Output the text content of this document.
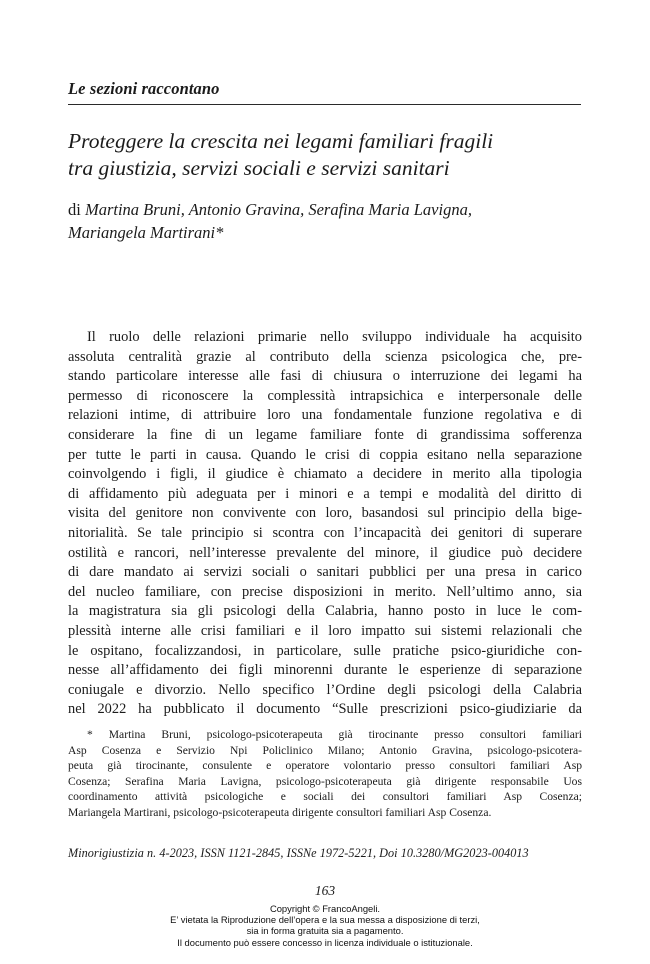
Le sezioni raccontano
Proteggere la crescita nei legami familiari fragili
tra giustizia, servizi sociali e servizi sanitari
di Martina Bruni, Antonio Gravina, Serafina Maria Lavigna,
Mariangela Martirani*
Il ruolo delle relazioni primarie nello sviluppo individuale ha acquisito
assoluta centralità grazie al contributo della scienza psicologica che, pre-
stando particolare interesse alle fasi di chiusura o interruzione dei legami ha
permesso di riconoscere la complessità intrapsichica e interpersonale delle
relazioni intime, di attribuire loro una fondamentale funzione regolativa e di
considerare la fine di un legame familiare fonte di grandissima sofferenza
per tutte le parti in causa. Quando le crisi di coppia esitano nella separazione
coinvolgendo i figli, il giudice è chiamato a decidere in merito alla tipologia
di affidamento più adeguata per i minori e a tempi e modalità del diritto di
visita del genitore non convivente con loro, basandosi sul principio della bige-
nitorialità. Se tale principio si scontra con l’incapacità dei genitori di superare
ostilità e rancori, nell’interesse prevalente del minore, il giudice può decidere
di dare mandato ai servizi sociali o sanitari pubblici per una presa in carico
del nucleo familiare, con precise disposizioni in merito. Nell’ultimo anno, sia
la magistratura sia gli psicologi della Calabria, hanno posto in luce le com-
plessità interne alle crisi familiari e il loro impatto sui sistemi relazionali che
le ospitano, focalizzandosi, in particolare, sulle pratiche psico-giuridiche con-
nesse all’affidamento dei figli minorenni durante le esperienze di separazione
coniugale e divorzio. Nello specifico l’Ordine degli psicologi della Calabria
nel 2022 ha pubblicato il documento “Sulle prescrizioni psico-giudiziarie da
* Martina Bruni, psicologo-psicoterapeuta già tirocinante presso consultori familiari
Asp Cosenza e Servizio Npi Policlinico Milano; Antonio Gravina, psicologo-psicotera-
peuta già tirocinante, consulente e operatore volontario presso consultori familiari Asp
Cosenza; Serafina Maria Lavigna, psicologo-psicoterapeuta già dirigente responsabile Uos
coordinamento attività psicologiche e sociali dei consultori familiari Asp Cosenza;
Mariangela Martirani, psicologo-psicoterapeuta dirigente consultori familiari Asp Cosenza.
Minorigiustizia n. 4-2023, ISSN 1121-2845, ISSNe 1972-5221, Doi 10.3280/MG2023-004013
163
Copyright © FrancoAngeli.
E’ vietata la Riproduzione dell’opera e la sua messa a disposizione di terzi,
sia in forma gratuita sia a pagamento.
Il documento può essere concesso in licenza individuale o istituzionale.
